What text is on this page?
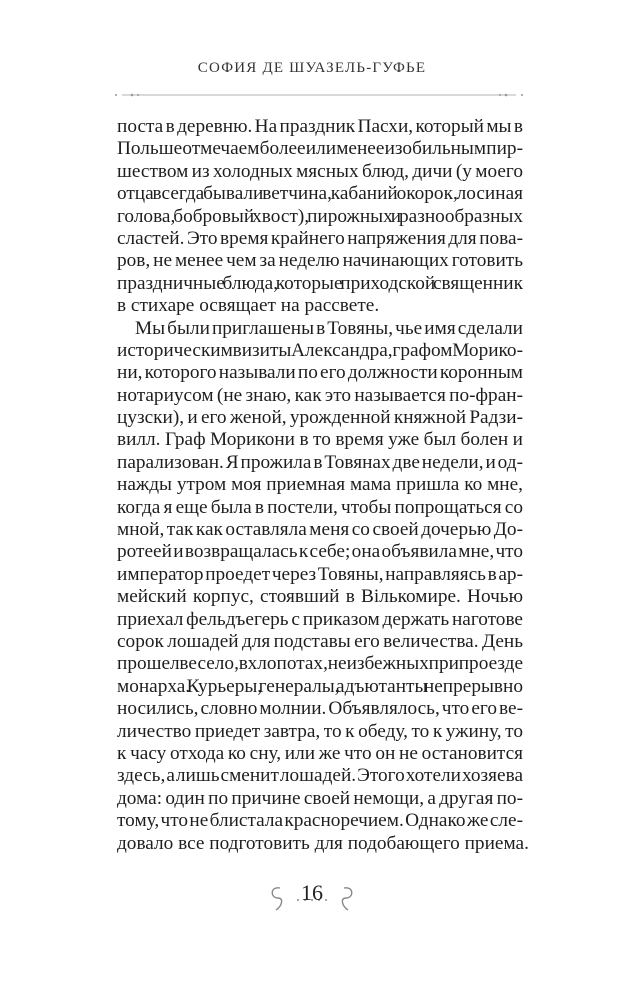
СОФИЯ ДЕ ШУАЗЕЛЬ-ГУФЬЕ
поста в деревню. На праздник Пасхи, который мы в
Польше отмечаем более или менее изобильным пир-
шеством из холодных мясных блюд, дичи (у моего
отца всегда бывали ветчина, кабаний окорок, лосиная
голова, бобровый хвост), пирожных и разнообразных
сластей. Это время крайнего напряжения для пова-
ров, не менее чем за неделю начинающих готовить
праздничные блюда, которые приходской священник
в стихаре освящает на рассвете.
Мы были приглашены в Товяны, чье имя сделали
историческим визиты Александра, графом Морико-
ни, которого называли по его должности коронным
нотариусом (не знаю, как это называется по-фран-
цузски), и его женой, урожденной княжной Радзи-
вилл. Граф Морикони в то время уже был болен и
парализован. Я прожила в Товянах две недели, и од-
нажды утром моя приемная мама пришла ко мне,
когда я еще была в постели, чтобы попрощаться со
мной, так как оставляла меня со своей дочерью До-
ротеей и возвращалась к себе; она объявила мне, что
император проедет через Товяны, направляясь в ар-
мейский корпус, стоявший в Вількомире. Ночью
приехал фельдъегерь с приказом держать наготове
сорок лошадей для подставы его величества. День
прошел весело, в хлопотах, неизбежных при проезде
монарха. Курьеры, генералы, адъютанты непрерывно
носились, словно молнии. Объявлялось, что его ве-
личество приедет завтра, то к обеду, то к ужину, то
к часу отхода ко сну, или же что он не остановится
здесь, а лишь сменит лошадей. Этого хотели хозяева
дома: один по причине своей немощи, а другая по-
тому, что не блистала красноречием. Однако же сле-
довало все подготовить для подобающего приема.
16
